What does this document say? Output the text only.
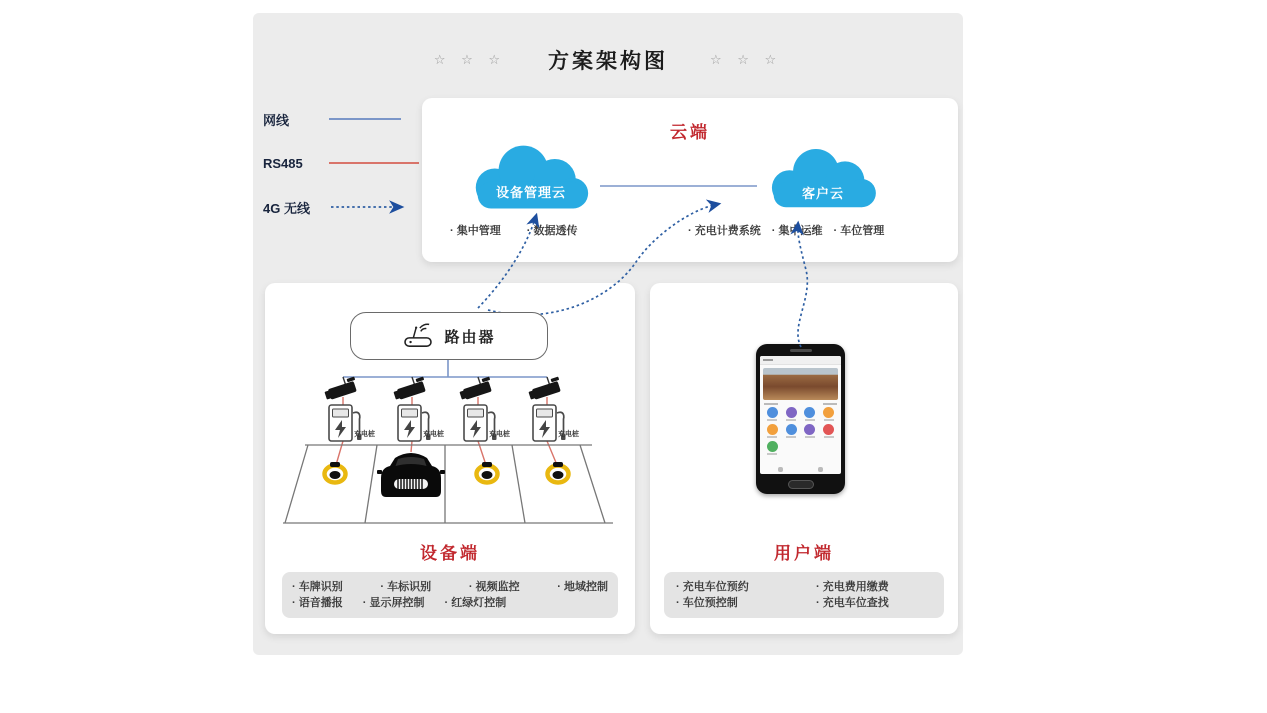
☆ ☆ ☆ 方案架构图	☆ ☆ ☆
网线
RS485
4G 无线
云端
设备管理云	客户云
· 集中管理 · 数据透传	· 充电计费系统 · 集中运维 · 车位管理
路由器
充电桩	充电桩	充电桩	充电桩
设备端
· 车牌识别	· 车标识别	· 视频监控	· 地域控制
· 语音播报 · 显示屏控制 · 红绿灯控制
用户端
· 充电车位预约	· 充电费用缴费
· 车位预控制	· 充电车位查找
